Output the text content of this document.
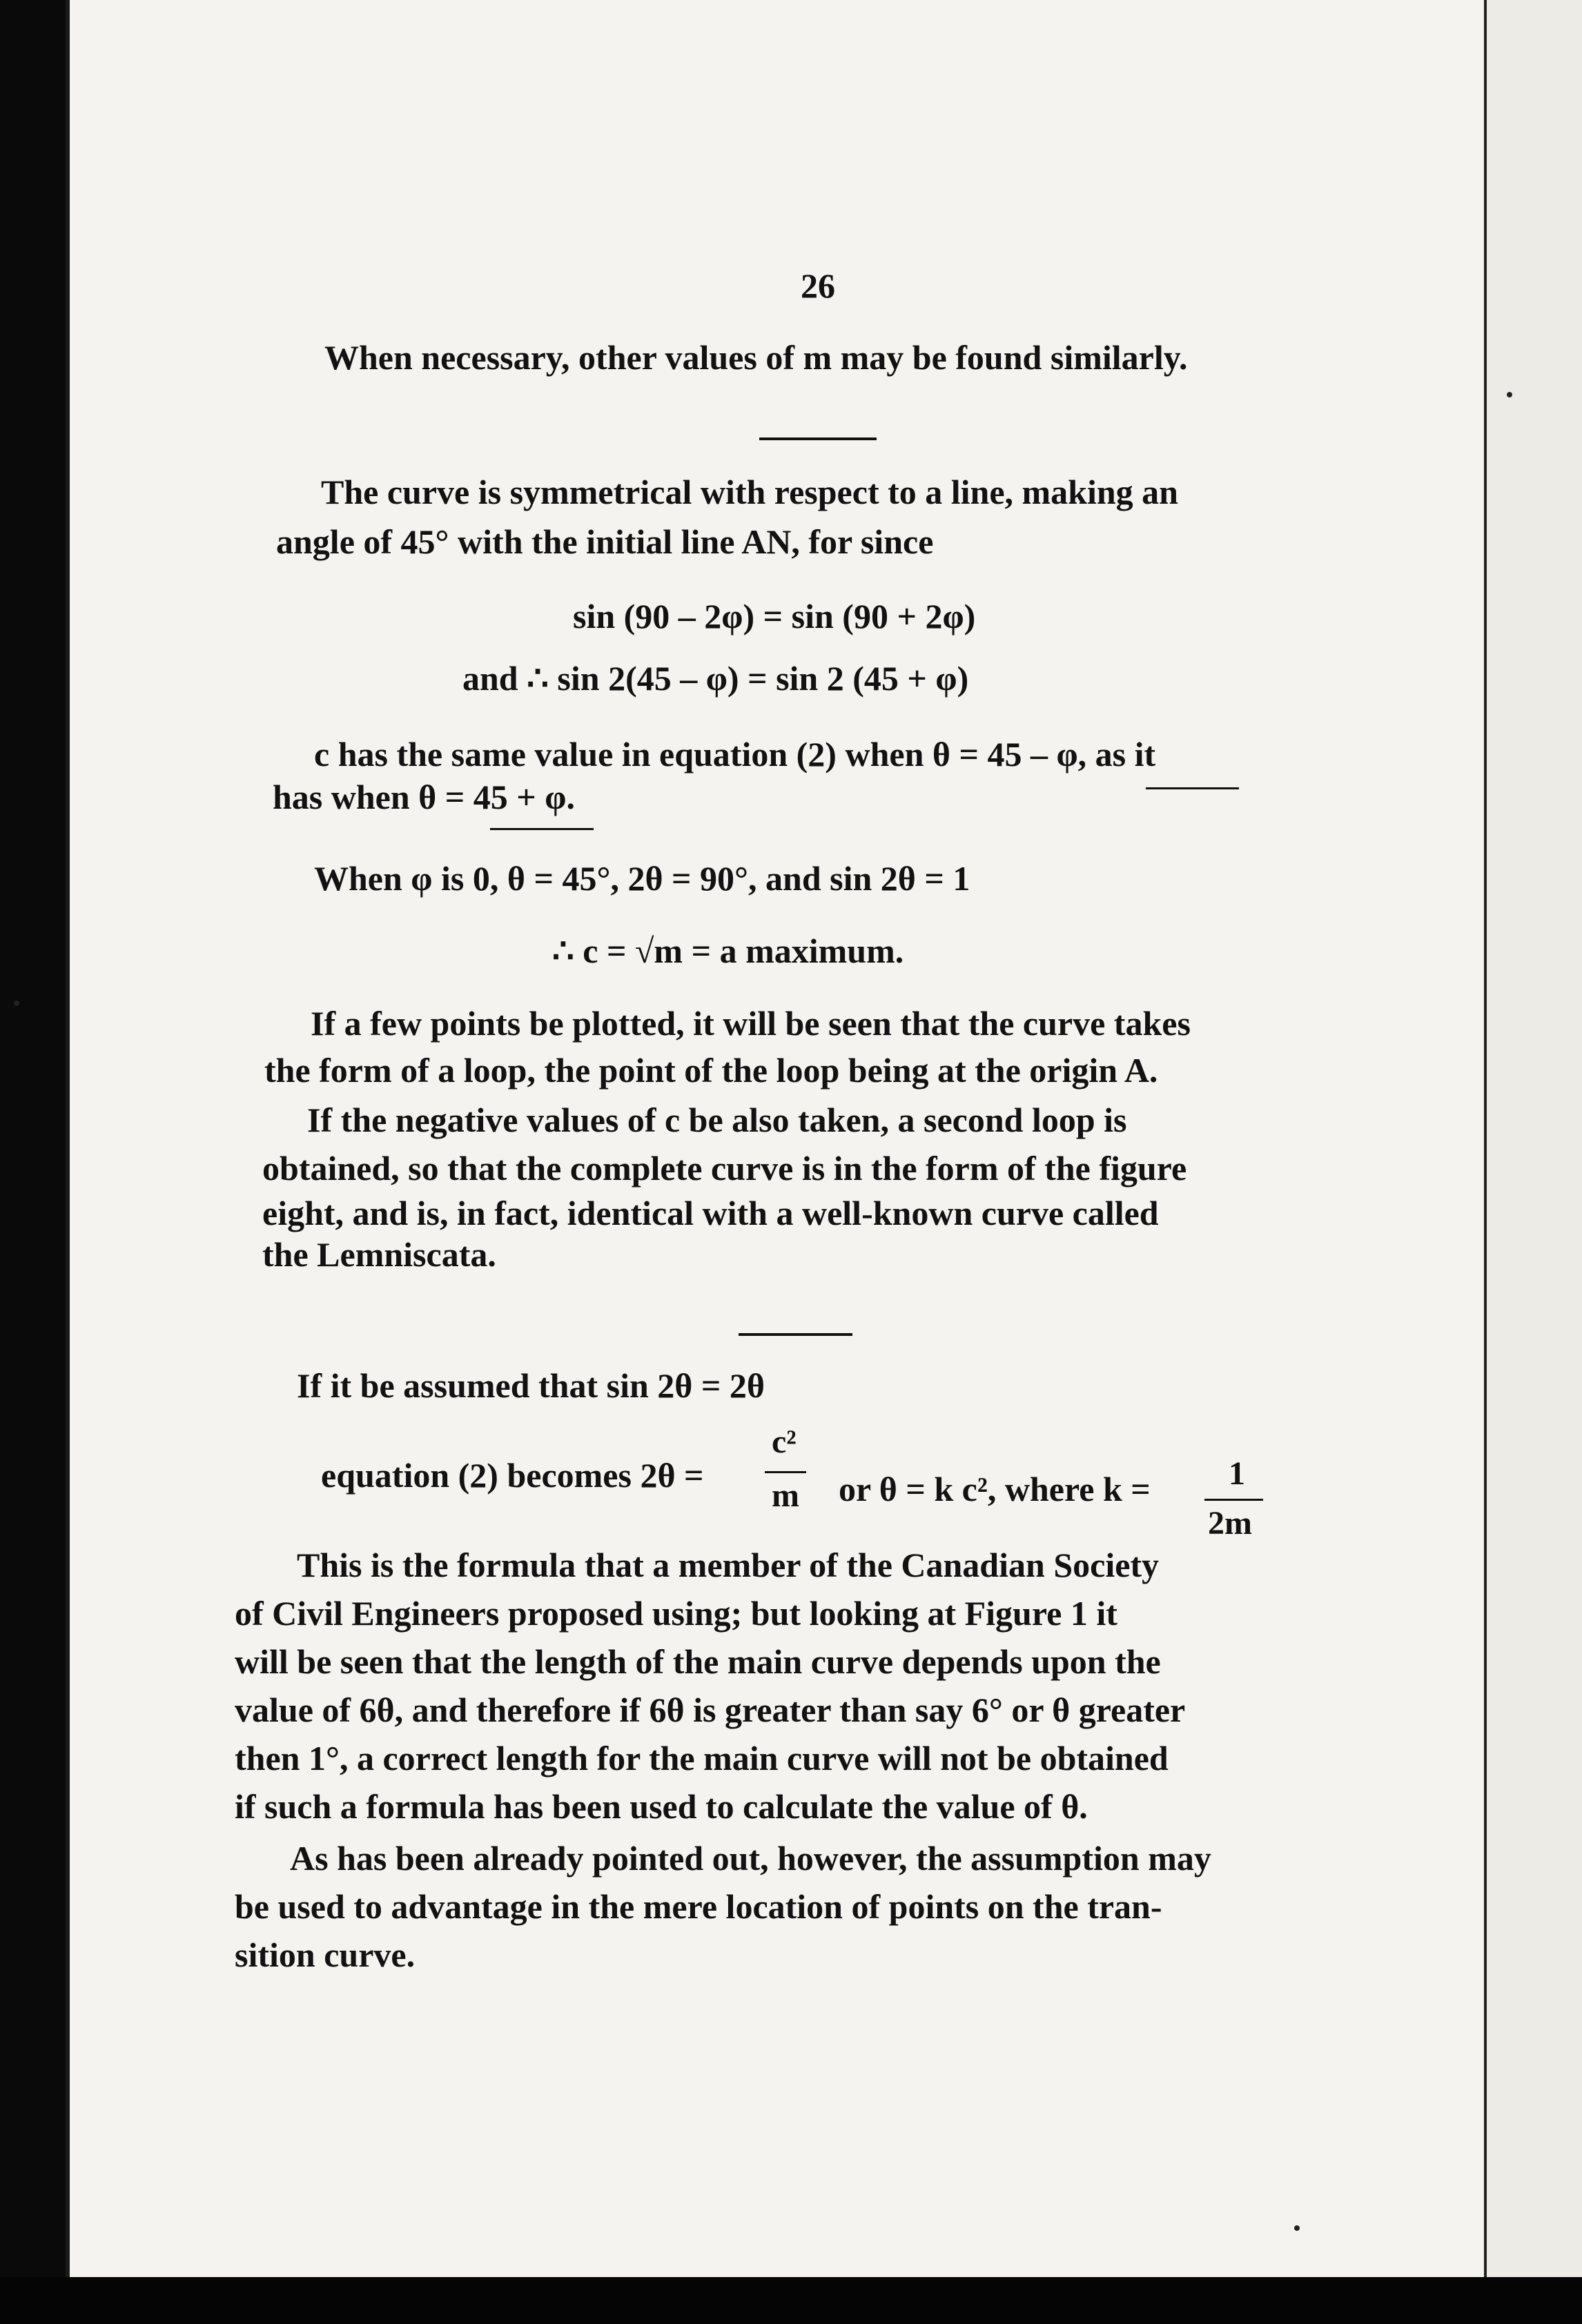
26

When necessary, other values of m may be found similarly.

The curve is symmetrical with respect to a line, making an

angle of 45° with the initial line AN, for since

sin (90 – 2φ) = sin (90 + 2φ)

and ∴ sin 2(45 – φ) = sin 2 (45 + φ)

c has the same value in equation (2) when θ = 45 – φ, as it

has when θ = 45 + φ.

When φ is 0, θ = 45°, 2θ = 90°, and sin 2θ = 1

∴ c = √m = a maximum.

If a few points be plotted, it will be seen that the curve takes

the form of a loop, the point of the loop being at the origin A.

If the negative values of c be also taken, a second loop is

obtained, so that the complete curve is in the form of the figure

eight, and is, in fact, identical with a well-known curve called

the Lemniscata.

If it be assumed that sin 2θ = 2θ

equation (2) becomes 2θ =

c²
m or θ = k c², where k = 1
2m

This is the formula that a member of the Canadian Society

of Civil Engineers proposed using; but looking at Figure 1 it

will be seen that the length of the main curve depends upon the

value of 6θ, and therefore if 6θ is greater than say 6° or θ greater

then 1°, a correct length for the main curve will not be obtained

if such a formula has been used to calculate the value of θ.

As has been already pointed out, however, the assumption may

be used to advantage in the mere location of points on the tran-

sition curve.
